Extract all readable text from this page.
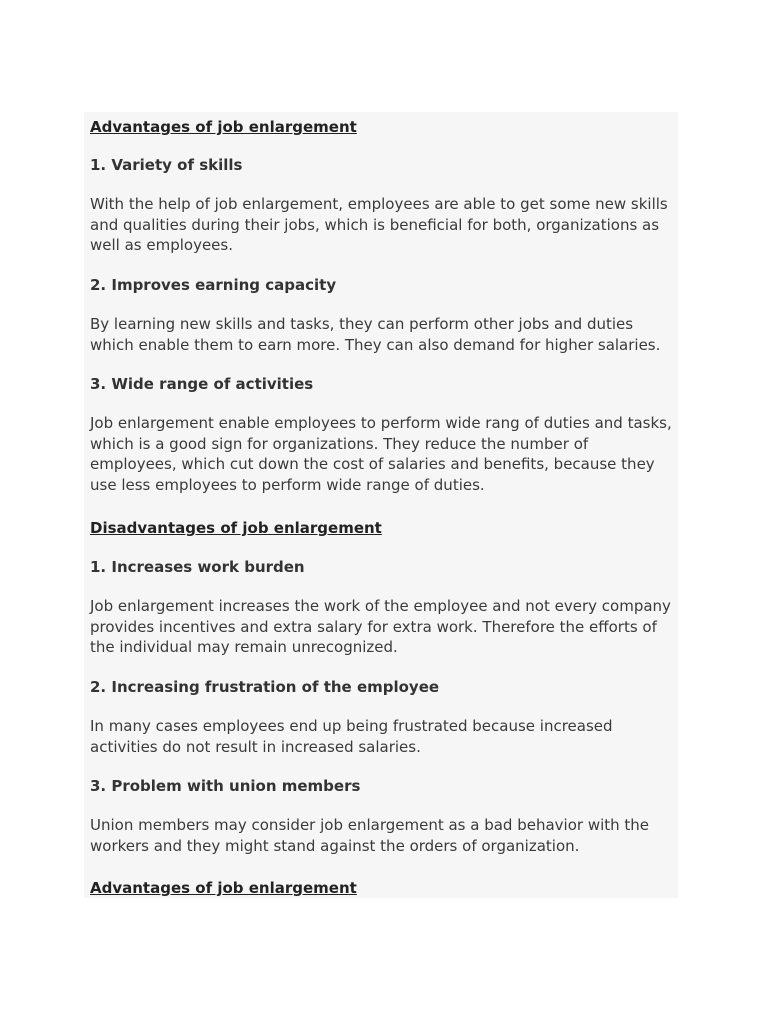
Advantages of job enlargement
1. Variety of skills

With the help of job enlargement, employees are able to get some new skills
and qualities during their jobs, which is beneficial for both, organizations as
well as employees.

2. Improves earning capacity

By learning new skills and tasks, they can perform other jobs and duties
which enable them to earn more. They can also demand for higher salaries.

3. Wide range of activities

Job enlargement enable employees to perform wide rang of duties and tasks,
which is a good sign for organizations. They reduce the number of
employees, which cut down the cost of salaries and benefits, because they
use less employees to perform wide range of duties.

Disadvantages of job enlargement
1. Increases work burden

Job enlargement increases the work of the employee and not every company
provides incentives and extra salary for extra work. Therefore the efforts of
the individual may remain unrecognized.

2. Increasing frustration of the employee

In many cases employees end up being frustrated because increased
activities do not result in increased salaries.

3. Problem with union members

Union members may consider job enlargement as a bad behavior with the
workers and they might stand against the orders of organization.

Advantages of job enlargement
